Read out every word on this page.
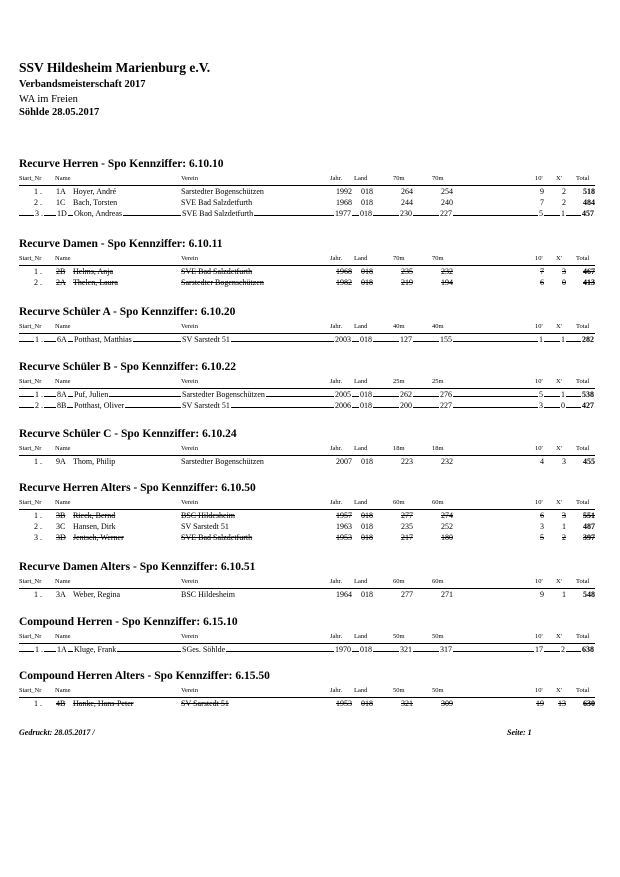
SSV Hildesheim Marienburg e.V.
Verbandsmeisterschaft 2017
WA im Freien
Söhlde 28.05.2017
Recurve Herren - Spo Kennziffer: 6.10.10
Start_Nr Name	Verein	Jahr. Land	70m	70m	10' X' Total
1 . 1A Hoyer, André	Sarstedter Bogenschützen	1992 018	264	254	9 2 518
2 . 1C Bach, Torsten	SVE Bad Salzdetfurth	1968 018	244	240	7 2 484
3 . 1D Okon, Andreas	SVE Bad Salzdetfurth	1977 018	230	227	5 1 457
Recurve Damen - Spo Kennziffer: 6.10.11
Start_Nr Name	Verein	Jahr. Land	70m	70m	10' X' Total
1 . 2B Helms, Anja	SVE Bad Salzdetfurth	1968 018	235	232	7 3 467
2 . 2A Thelen, Laura	Sarstedter Bogenschützen	1982 018	219	194	6 0 413
Recurve Schüler A - Spo Kennziffer: 6.10.20
Start_Nr Name	Verein	Jahr. Land	40m	40m	10' X' Total
1 . 6A Potthast, Matthias	SV Sarstedt 51	2003 018	127	155	1 1 282
Recurve Schüler B - Spo Kennziffer: 6.10.22
Start_Nr Name	Verein	Jahr. Land	25m	25m	10' X' Total
1 . 8A Puf, Julien	Sarstedter Bogenschützen	2005 018	262	276	5 1 538
2 . 8B Potthast, Oliver	SV Sarstedt 51	2006 018	200	227	3 0 427
Recurve Schüler C - Spo Kennziffer: 6.10.24
Start_Nr Name	Verein	Jahr. Land	18m	18m	10' X' Total
1 . 9A Thom, Philip	Sarstedter Bogenschützen	2007 018	223	232	4 3 455
Recurve Herren Alters - Spo Kennziffer: 6.10.50
Start_Nr Name	Verein	Jahr. Land	60m	60m	10' X' Total
1 . 3B Rieck, Bernd	BSC Hildesheim	1957 018	277	274	6 3 551
2 . 3C Hansen, Dirk	SV Sarstedt 51	1963 018	235	252	3 1 487
3 . 3D Jentsch, Werner	SVE Bad Salzdetfurth	1953 018	217	180	5 2 397
Recurve Damen Alters - Spo Kennziffer: 6.10.51
Start_Nr Name	Verein	Jahr. Land	60m	60m	10' X' Total
1 . 3A Weber, Regina	BSC Hildesheim	1964 018	277	271	9 1 548
Compound Herren - Spo Kennziffer: 6.15.10
Start_Nr Name	Verein	Jahr. Land	50m	50m	10' X' Total
1 . 1A Kluge, Frank	SGes. Söhlde	1970 018	321	317	17 2 638
Compound Herren Alters - Spo Kennziffer: 6.15.50
Start_Nr Name	Verein	Jahr. Land	50m	50m	10' X' Total
1 . 4B Hanke, Hans-Peter	SV Sarstedt 51	1953 018	321	309	19 13 630
Gedruckt: 28.05.2017 /	Seite: 1
